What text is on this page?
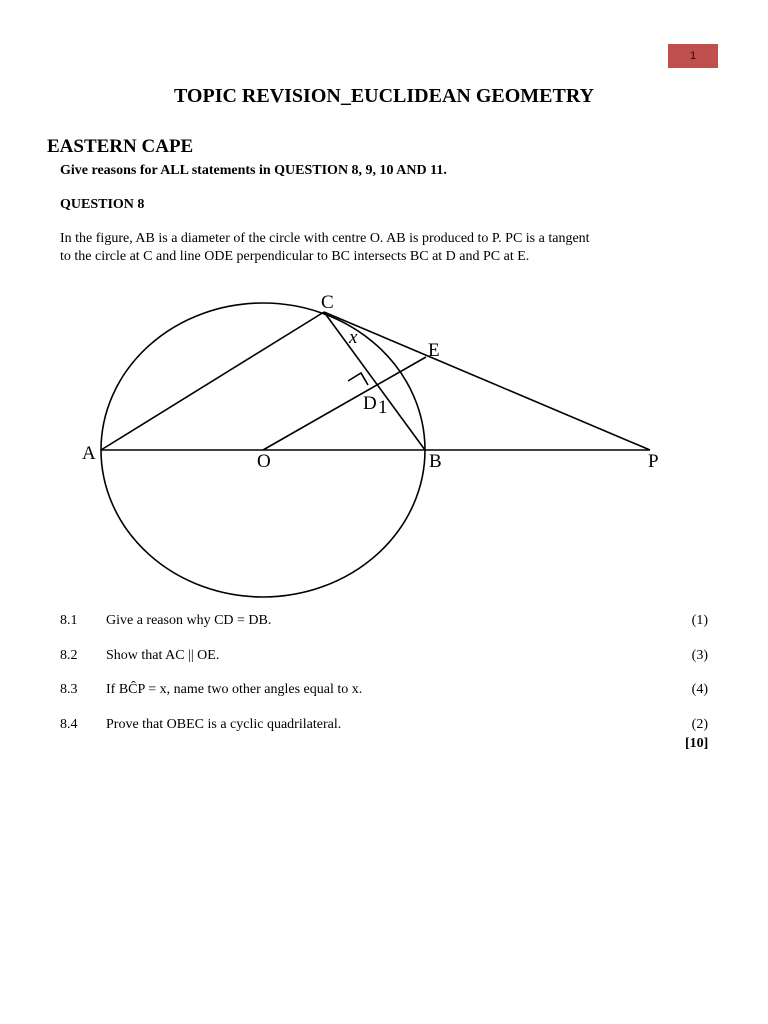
1
TOPIC REVISION_EUCLIDEAN GEOMETRY
EASTERN CAPE
Give reasons for ALL statements in QUESTION 8, 9, 10 AND 11.
QUESTION 8
In the figure, AB is a diameter of the circle with centre O. AB is produced to P. PC is a tangent
to the circle at C and line ODE perpendicular to BC intersects BC at D and PC at E.
C
E
x
D 1
A	O	B	P
8.1 Give a reason why CD = DB.	(1)
8.2 Show that AC || OE.	(3)
8.3 If BĈP = x, name two other angles equal to x.	(4)
8.4 Prove that OBEC is a cyclic quadrilateral.	(2)
[10]
